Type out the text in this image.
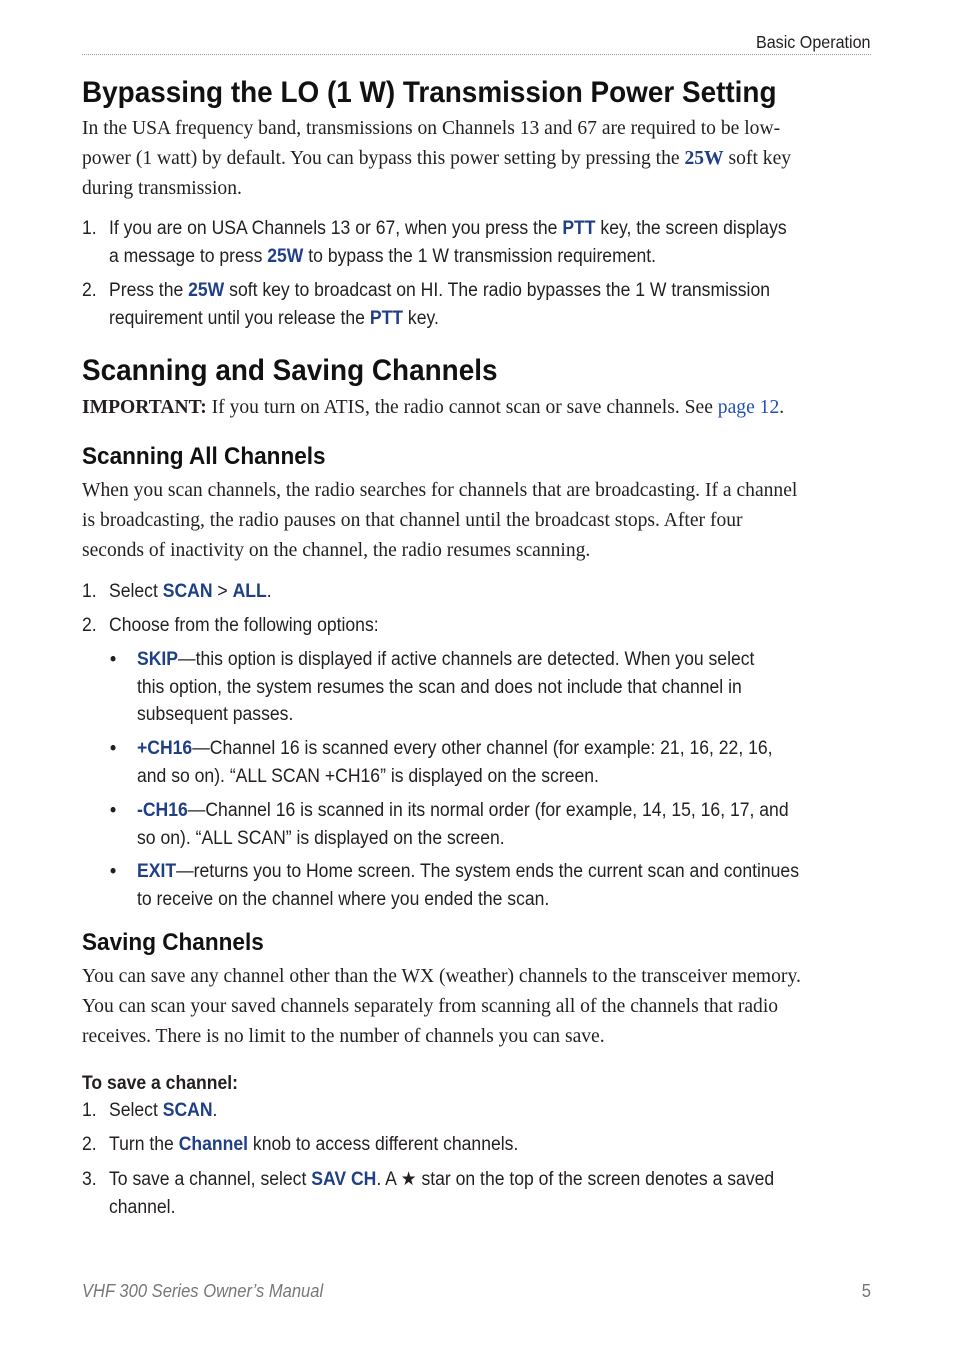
Basic Operation
Bypassing the LO (1 W) Transmission Power Setting
In the USA frequency band, transmissions on Channels 13 and 67 are required to be low-
power (1 watt) by default. You can bypass this power setting by pressing the 25W soft key
during transmission.
1. If you are on USA Channels 13 or 67, when you press the PTT key, the screen displays
a message to press 25W to bypass the 1 W transmission requirement.
2. Press the 25W soft key to broadcast on HI. The radio bypasses the 1 W transmission
requirement until you release the PTT key.
Scanning and Saving Channels
IMPORTANT: If you turn on ATIS, the radio cannot scan or save channels. See page 12.
Scanning All Channels
When you scan channels, the radio searches for channels that are broadcasting. If a channel
is broadcasting, the radio pauses on that channel until the broadcast stops. After four
seconds of inactivity on the channel, the radio resumes scanning.
1. Select SCAN > ALL.
2. Choose from the following options:
• SKIP—this option is displayed if active channels are detected. When you select
this option, the system resumes the scan and does not include that channel in
subsequent passes.
• +CH16—Channel 16 is scanned every other channel (for example: 21, 16, 22, 16,
and so on). “ALL SCAN +CH16” is displayed on the screen.
• -CH16—Channel 16 is scanned in its normal order (for example, 14, 15, 16, 17, and
so on). “ALL SCAN” is displayed on the screen.
• EXIT—returns you to Home screen. The system ends the current scan and continues
to receive on the channel where you ended the scan.
Saving Channels
You can save any channel other than the WX (weather) channels to the transceiver memory.
You can scan your saved channels separately from scanning all of the channels that radio
receives. There is no limit to the number of channels you can save.
To save a channel:
1. Select SCAN.
2. Turn the Channel knob to access different channels.
3. To save a channel, select SAV CH. A ★ star on the top of the screen denotes a saved
channel.
VHF 300 Series Owner’s Manual	5
